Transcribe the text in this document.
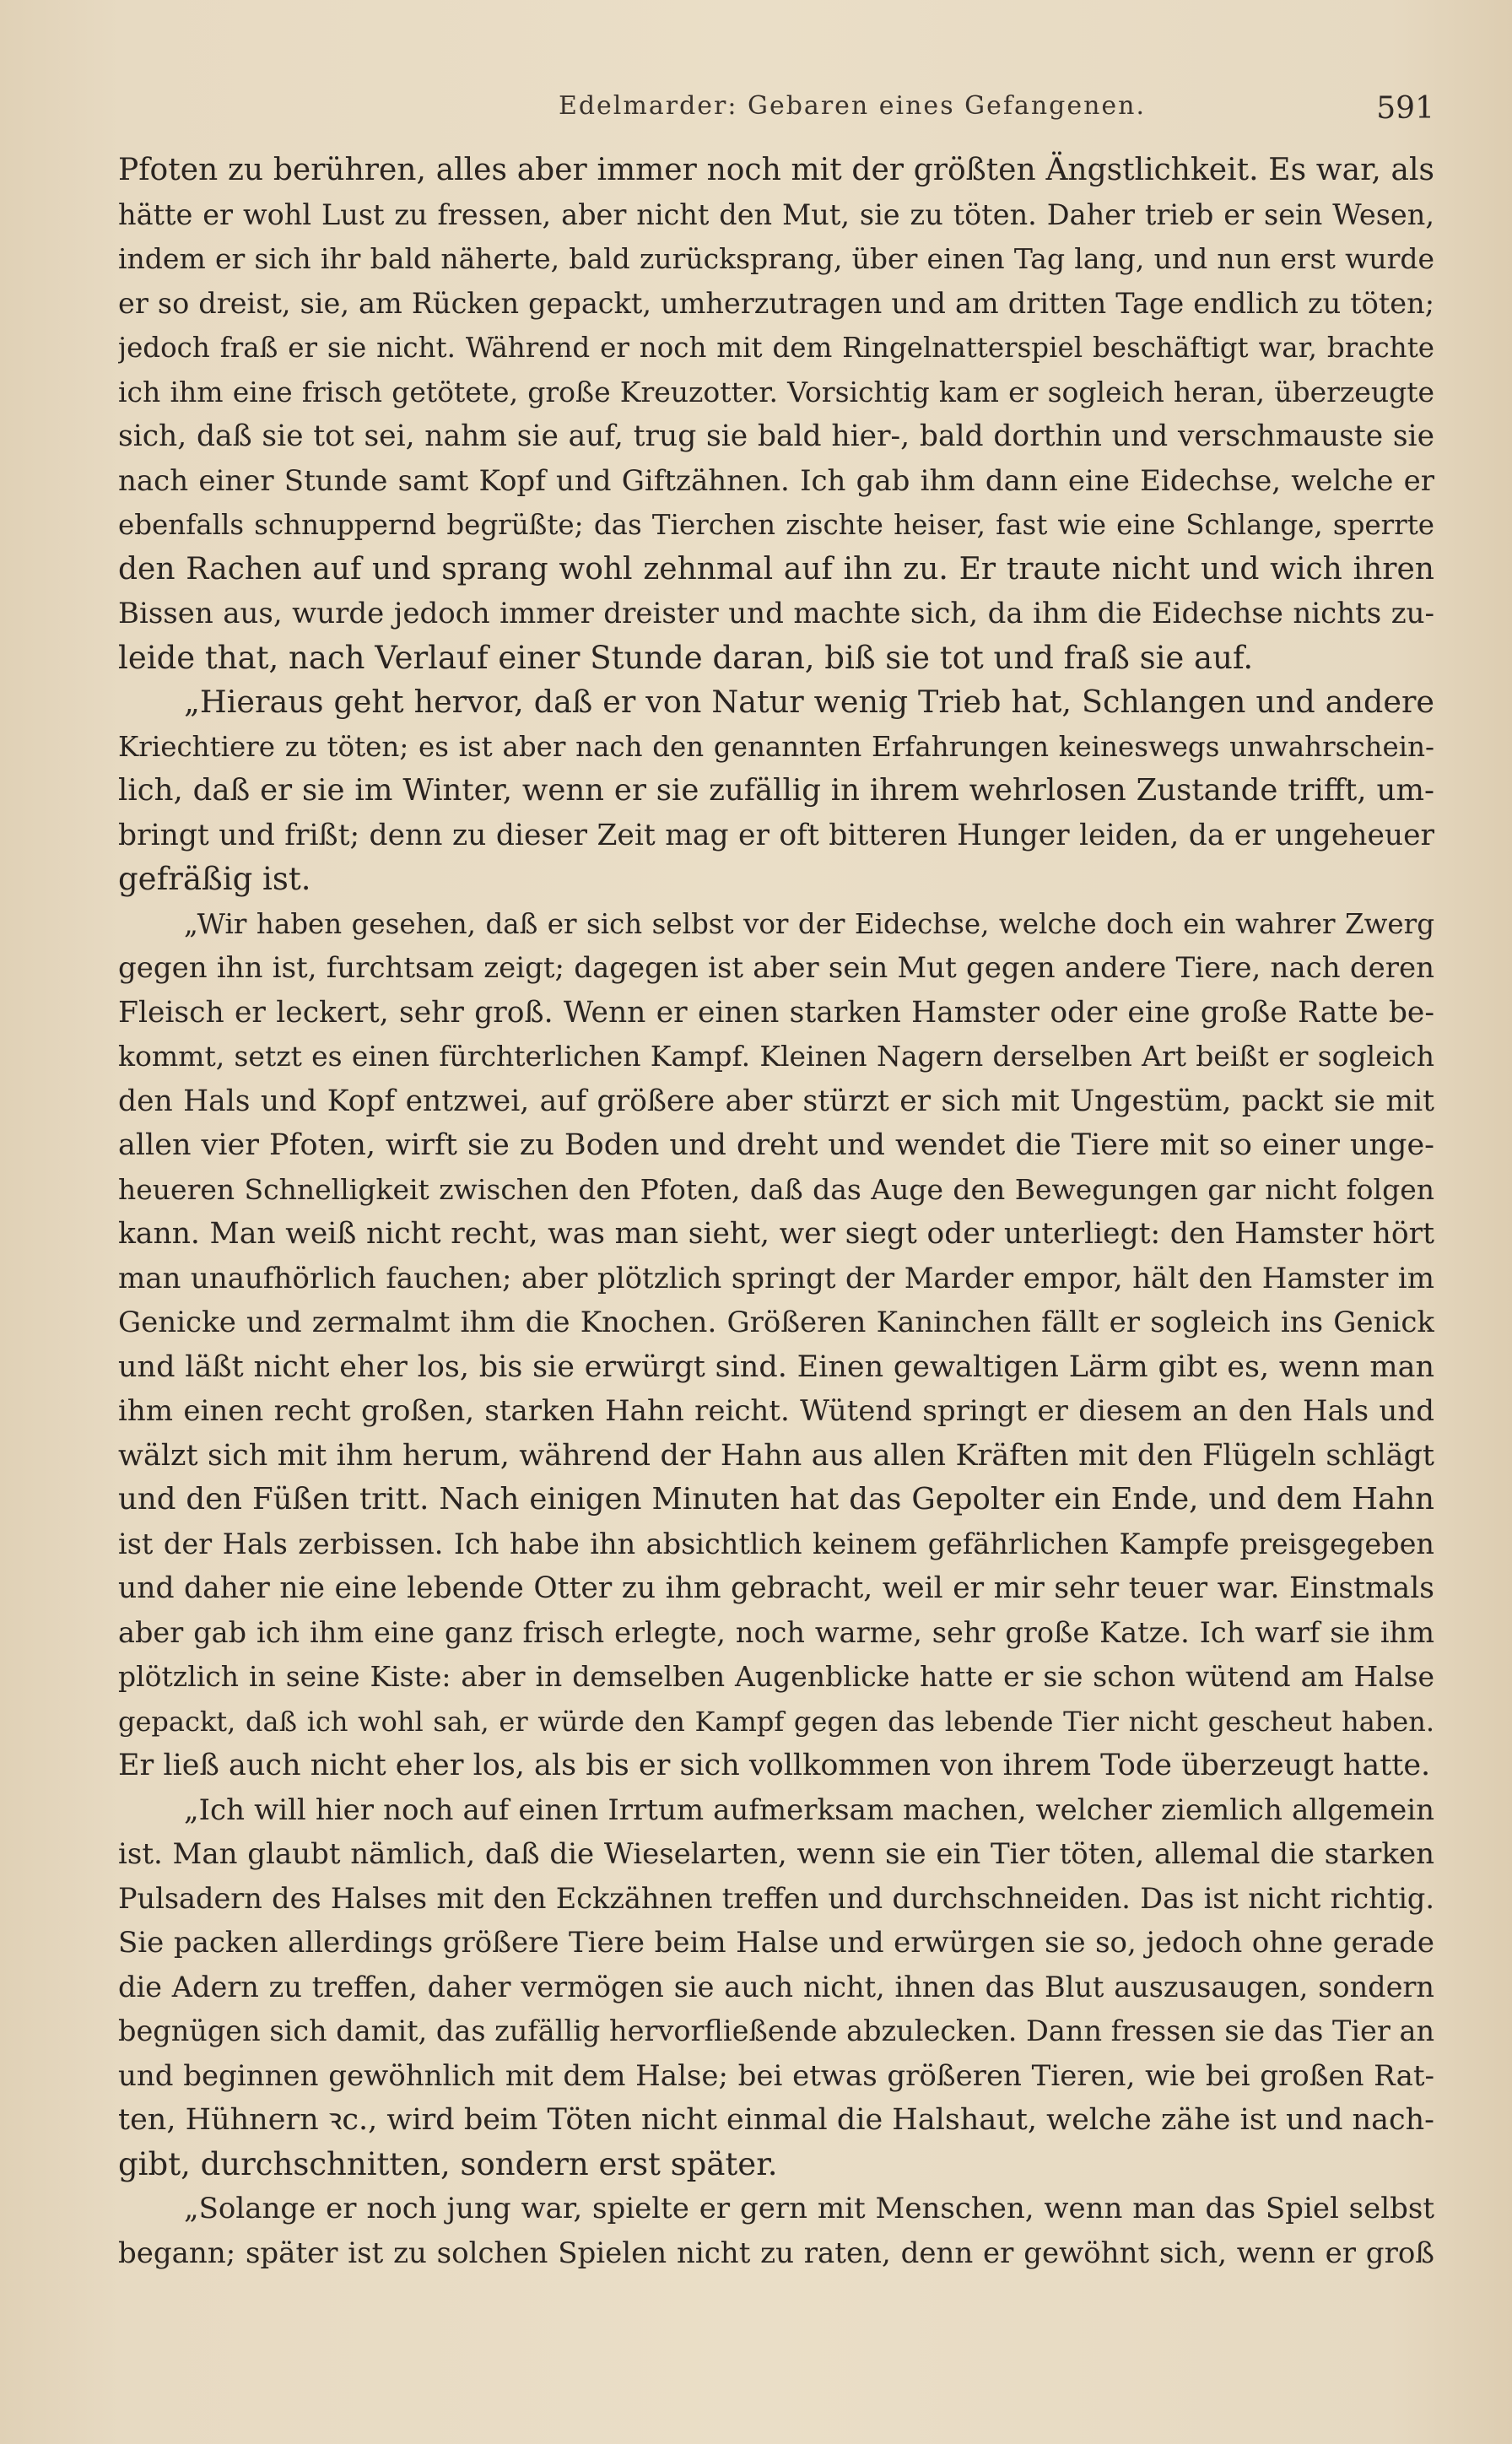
Edelmarder: Gebaren eines Gefangenen.	591
Pfoten zu berühren, alles aber immer noch mit der größten Ängstlichkeit. Es war, als
hätte er wohl Lust zu fressen, aber nicht den Mut, sie zu töten. Daher trieb er sein Wesen,
indem er sich ihr bald näherte, bald zurücksprang, über einen Tag lang, und nun erst wurde
er so dreist, sie, am Rücken gepackt, umherzutragen und am dritten Tage endlich zu töten;
jedoch fraß er sie nicht. Während er noch mit dem Ringelnatterspiel beschäftigt war, brachte
ich ihm eine frisch getötete, große Kreuzotter. Vorsichtig kam er sogleich heran, überzeugte
sich, daß sie tot sei, nahm sie auf, trug sie bald hier-, bald dorthin und verschmauste sie
nach einer Stunde samt Kopf und Giftzähnen. Ich gab ihm dann eine Eidechse, welche er
ebenfalls schnuppernd begrüßte; das Tierchen zischte heiser, fast wie eine Schlange, sperrte
den Rachen auf und sprang wohl zehnmal auf ihn zu. Er traute nicht und wich ihren
Bissen aus, wurde jedoch immer dreister und machte sich, da ihm die Eidechse nichts zu-
leide that, nach Verlauf einer Stunde daran, biß sie tot und fraß sie auf.
„Hieraus geht hervor, daß er von Natur wenig Trieb hat, Schlangen und andere
Kriechtiere zu töten; es ist aber nach den genannten Erfahrungen keineswegs unwahrschein-
lich, daß er sie im Winter, wenn er sie zufällig in ihrem wehrlosen Zustande trifft, um-
bringt und frißt; denn zu dieser Zeit mag er oft bitteren Hunger leiden, da er ungeheuer
gefräßig ist.
„Wir haben gesehen, daß er sich selbst vor der Eidechse, welche doch ein wahrer Zwerg
gegen ihn ist, furchtsam zeigt; dagegen ist aber sein Mut gegen andere Tiere, nach deren
Fleisch er leckert, sehr groß. Wenn er einen starken Hamster oder eine große Ratte be-
kommt, setzt es einen fürchterlichen Kampf. Kleinen Nagern derselben Art beißt er sogleich
den Hals und Kopf entzwei, auf größere aber stürzt er sich mit Ungestüm, packt sie mit
allen vier Pfoten, wirft sie zu Boden und dreht und wendet die Tiere mit so einer unge-
heueren Schnelligkeit zwischen den Pfoten, daß das Auge den Bewegungen gar nicht folgen
kann. Man weiß nicht recht, was man sieht, wer siegt oder unterliegt: den Hamster hört
man unaufhörlich fauchen; aber plötzlich springt der Marder empor, hält den Hamster im
Genicke und zermalmt ihm die Knochen. Größeren Kaninchen fällt er sogleich ins Genick
und läßt nicht eher los, bis sie erwürgt sind. Einen gewaltigen Lärm gibt es, wenn man
ihm einen recht großen, starken Hahn reicht. Wütend springt er diesem an den Hals und
wälzt sich mit ihm herum, während der Hahn aus allen Kräften mit den Flügeln schlägt
und den Füßen tritt. Nach einigen Minuten hat das Gepolter ein Ende, und dem Hahn
ist der Hals zerbissen. Ich habe ihn absichtlich keinem gefährlichen Kampfe preisgegeben
und daher nie eine lebende Otter zu ihm gebracht, weil er mir sehr teuer war. Einstmals
aber gab ich ihm eine ganz frisch erlegte, noch warme, sehr große Katze. Ich warf sie ihm
plötzlich in seine Kiste: aber in demselben Augenblicke hatte er sie schon wütend am Halse
gepackt, daß ich wohl sah, er würde den Kampf gegen das lebende Tier nicht gescheut haben.
Er ließ auch nicht eher los, als bis er sich vollkommen von ihrem Tode überzeugt hatte.
„Ich will hier noch auf einen Irrtum aufmerksam machen, welcher ziemlich allgemein
ist. Man glaubt nämlich, daß die Wieselarten, wenn sie ein Tier töten, allemal die starken
Pulsadern des Halses mit den Eckzähnen treffen und durchschneiden. Das ist nicht richtig.
Sie packen allerdings größere Tiere beim Halse und erwürgen sie so, jedoch ohne gerade
die Adern zu treffen, daher vermögen sie auch nicht, ihnen das Blut auszusaugen, sondern
begnügen sich damit, das zufällig hervorfließende abzulecken. Dann fressen sie das Tier an
und beginnen gewöhnlich mit dem Halse; bei etwas größeren Tieren, wie bei großen Rat-
ten, Hühnern ꝛc., wird beim Töten nicht einmal die Halshaut, welche zähe ist und nach-
gibt, durchschnitten, sondern erst später.
„Solange er noch jung war, spielte er gern mit Menschen, wenn man das Spiel selbst
begann; später ist zu solchen Spielen nicht zu raten, denn er gewöhnt sich, wenn er groß
